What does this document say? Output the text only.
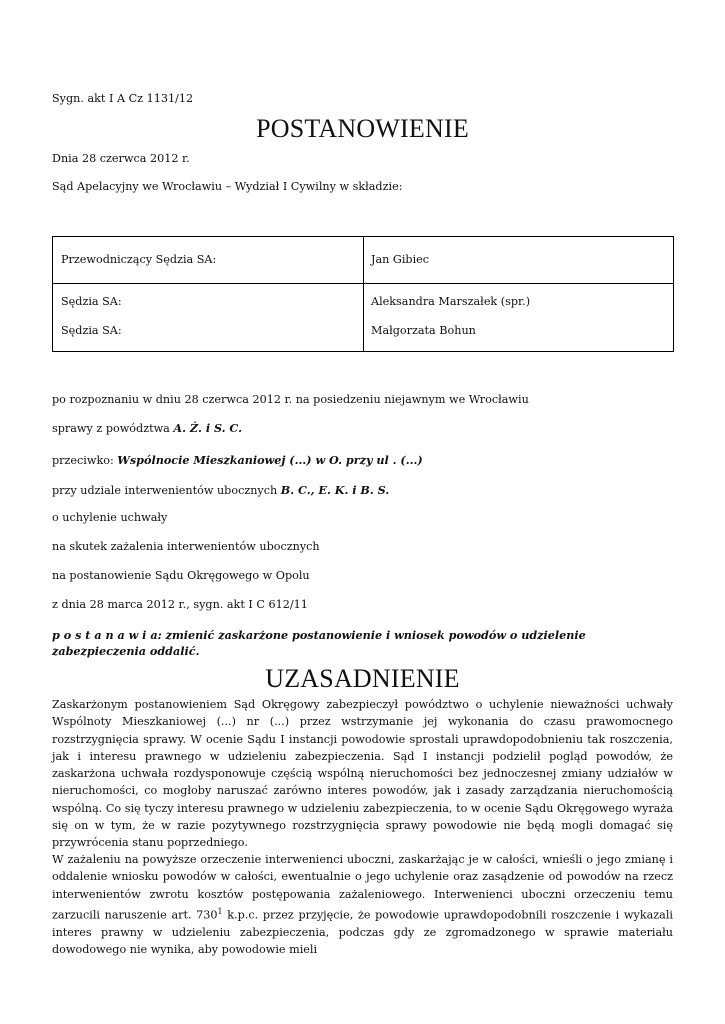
Sygn. akt I A Cz 1131/12
POSTANOWIENIE
Dnia 28 czerwca 2012 r.
Sąd Apelacyjny we Wrocławiu – Wydział I Cywilny w składzie:
Przewodniczący Sędzia SA:	Jan Gibiec
Sędzia SA:	Aleksandra Marszałek (spr.)
Sędzia SA:	Małgorzata Bohun
po rozpoznaniu w dniu 28 czerwca 2012 r. na posiedzeniu niejawnym we Wrocławiu
sprawy z powództwa A. Ż. i S. C.
przeciwko: Wspólnocie Mieszkaniowej (...) w O. przy ul . (...)
przy udziale interwenientów ubocznych B. C., E. K. i B. S.
o uchylenie uchwały
na skutek zażalenia interwenientów ubocznych
na postanowienie Sądu Okręgowego w Opolu
z dnia 28 marca 2012 r., sygn. akt I C 612/11
p o s t a n a w i a: zmienić zaskarżone postanowienie i wniosek powodów o udzielenie zabezpieczenia oddalić.
UZASADNIENIE
Zaskarżonym postanowieniem Sąd Okręgowy zabezpieczył powództwo o uchylenie nieważności uchwały Wspólnoty Mieszkaniowej (...) nr (...) przez wstrzymanie jej wykonania do czasu prawomocnego rozstrzygnięcia sprawy. W ocenie Sądu I instancji powodowie sprostali uprawdopodobnieniu tak roszczenia, jak i interesu prawnego w udzieleniu zabezpieczenia. Sąd I instancji podzielił pogląd powodów, że zaskarżona uchwała rozdysponowuje częścią wspólną nieruchomości bez jednoczesnej zmiany udziałów w nieruchomości, co mogłoby naruszać zarówno interes powodów, jak i zasady zarządzania nieruchomością wspólną. Co się tyczy interesu prawnego w udzieleniu zabezpieczenia, to w ocenie Sądu Okręgowego wyraża się on w tym, że w razie pozytywnego rozstrzygnięcia sprawy powodowie nie będą mogli domagać się przywrócenia stanu poprzedniego.
W zażaleniu na powyższe orzeczenie interwenienci uboczni, zaskarżając je w całości, wnieśli o jego zmianę i oddalenie wniosku powodów w całości, ewentualnie o jego uchylenie oraz zasądzenie od powodów na rzecz interwenientów zwrotu kosztów postępowania zażaleniowego. Interwenienci uboczni orzeczeniu temu zarzucili naruszenie art. $730^1$ k.p.c. przez przyjęcie, że powodowie uprawdopodobnili roszczenie i wykazali interes prawny w udzieleniu zabezpieczenia, podczas gdy ze zgromadzonego w sprawie materiału dowodowego nie wynika, aby powodowie mieli
